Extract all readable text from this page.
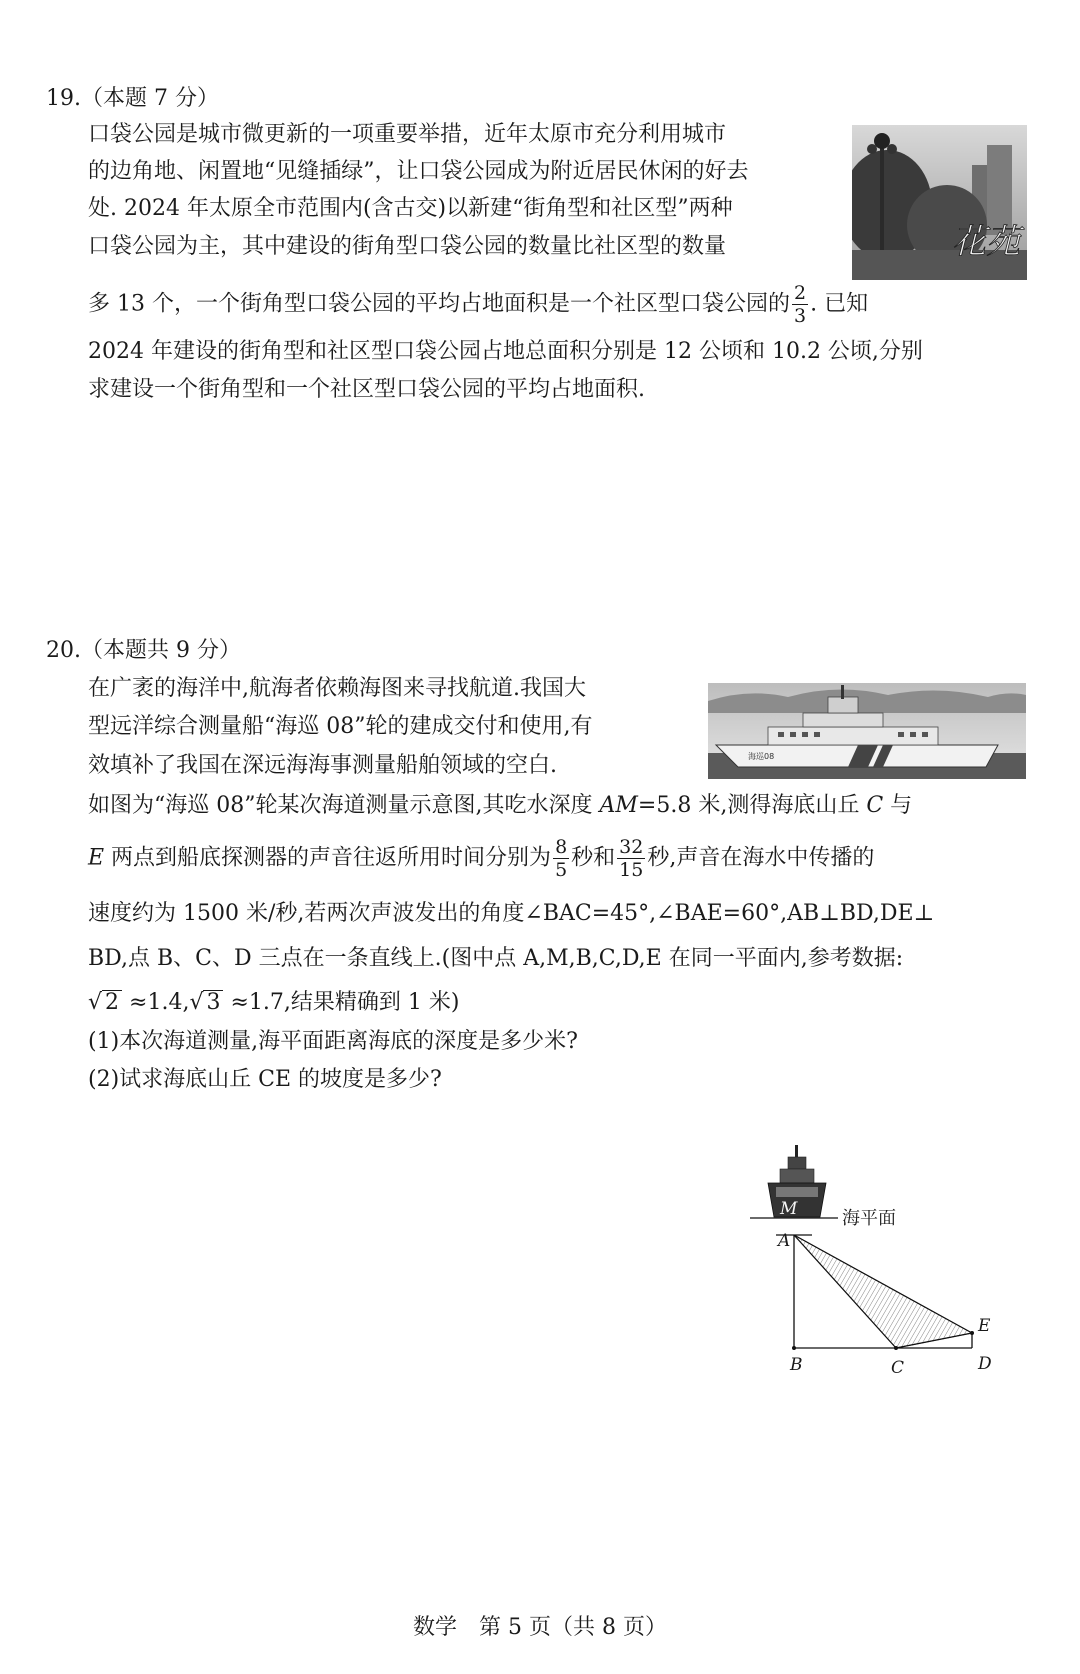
19.（本题 7 分）
口袋公园是城市微更新的一项重要举措，近年太原市充分利用城市
的边角地、闲置地“见缝插绿”，让口袋公园成为附近居民休闲的好去
处. 2024 年太原全市范围内(含古交)以新建“街角型和社区型”两种
口袋公园为主，其中建设的街角型口袋公园的数量比社区型的数量
多 13 个，一个街角型口袋公园的平均占地面积是一个社区型口袋公园的 $\frac{2}{3}$ . 已知
2024 年建设的街角型和社区型口袋公园占地总面积分别是 12 公顷和 10.2 公顷,分别
求建设一个街角型和一个社区型口袋公园的平均占地面积.
花苑
20.（本题共 9 分）
在广袤的海洋中,航海者依赖海图来寻找航道.我国大
型远洋综合测量船“海巡 08”轮的建成交付和使用,有
效填补了我国在深远海海事测量船舶领域的空白.	海巡08
如图为“海巡 08”轮某次海道测量示意图,其吃水深度 AM=5.8 米,测得海底山丘 C 与
E 两点到船底探测器的声音往返所用时间分别为 $\frac{8}{5}$ 秒和 $\frac{32}{15}$ 秒,声音在海水中传播的
速度约为 1500 米/秒,若两次声波发出的角度∠BAC=45°,∠BAE=60°,AB⊥BD,DE⊥
BD,点 B、C、D 三点在一条直线上.(图中点 A,M,B,C,D,E 在同一平面内,参考数据:
√ 2 ≈1.4,√ 3 ≈1.7,结果精确到 1 米)
(1)本次海道测量,海平面距离海底的深度是多少米?
(2)试求海底山丘 CE 的坡度是多少?
M
A
B	C	D
E
海平面
数学　第 5 页（共 8 页）
